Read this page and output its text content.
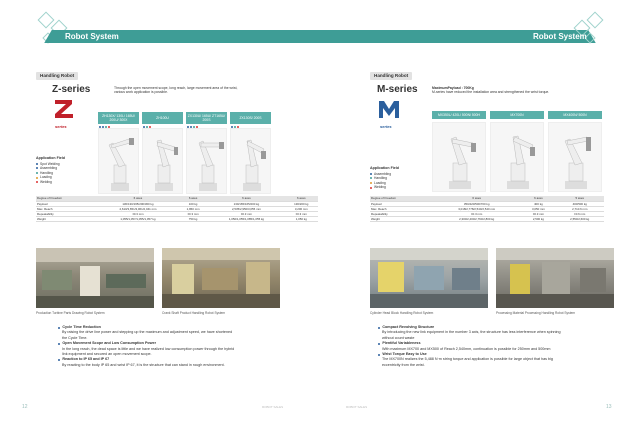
Robot System
Handling Robot
Z-series
series
Through the open movement scope, long reach, large movement area of the wrist,
various work application is possible.
ZH130X/ 130L/ 165U/ 200U/ 300X	ZH100U	ZX130U/ 165U/ ZT165U/ 200S	ZX130S/ 200S
Application Field
Spot Welding
Assembling
Handling
Loading
Welding
Degree of Freedom	6 axes	6 axes	6 axes	6 axes
Payload	130/130/165/200/300 kg	100 kg	130/165/165/200 kg	130/200 kg
Max. Reach	2,610/3,651/3,061/2,041 mm	1,860 mm	2,535/2,950/3,055 mm	3,200 mm
Repeatability	±0.3 mm	±0.3 mm	±0.3 mm	±0.3 mm
Weight	1,055/1,057/1,055/1,057 kg	750 kg	1,050/1,055/1,085/1,055 kg	1,050 kg
Production Turbine Parts Drawing Robot System	Crank Shaft Product Handling Robot System
Cycle Time Reduction
By raising the drive line power and stepping up the maximum and adjustment speed, we have shortened
the Cycle Time.
Open Movement Scope and Low Consumption Power
In the long reach, the dead space is little and we have realized low consumption power through the hybrid
link equipment and secured an open movement scope.
Reaction to IP 65 and IP 67
By reacting to the body IP 65 and wrist IP 67, it is the structure that can stand in rough environment.
12	ROBOT SALES
Robot System
Handling Robot
M-series
series
MaximumPayload : 700Kg
M-series have reduced the installation area and strengthened the wrist torque.
MX350L/ 420L/ 500N/ 500H	MX700N	MX400N/ 500N
Application Field
Assembling
Handling
Loading
Welding
Degree of Freedom	6 axes	6 axes	5 axes
Payload	350/420/500/700 kg	400 kg	400/500 kg
Max. Reach	3,018/2,778/2,540/2,540 mm	3,050 mm	2,710.6 mm
Repeatability	±0.3 mm	±0.3 mm	±0.6 mm
Weight	2,300/2,400/2,760/2,800 kg	2,500 kg	2,550/2,600 kg
Cylinder Head Block Handling Robot System	Processing Material Processing Handling Robot System
Compact Revolving Structure
By introducing the new link equipment in the number 3 axis, the structure has less interference when spinning
without count waste
Plentiful Variableness
With maximum MX700 and MX500 of Reach 2,540mm, continuation is possible for 250mm and 500mm
Wrist Torque Easy to Use
The MX700N realizes the 5,488 N·m string torque and application is possible for large object that has big
eccentricity from the wrist.
ROBOT SALES	13
